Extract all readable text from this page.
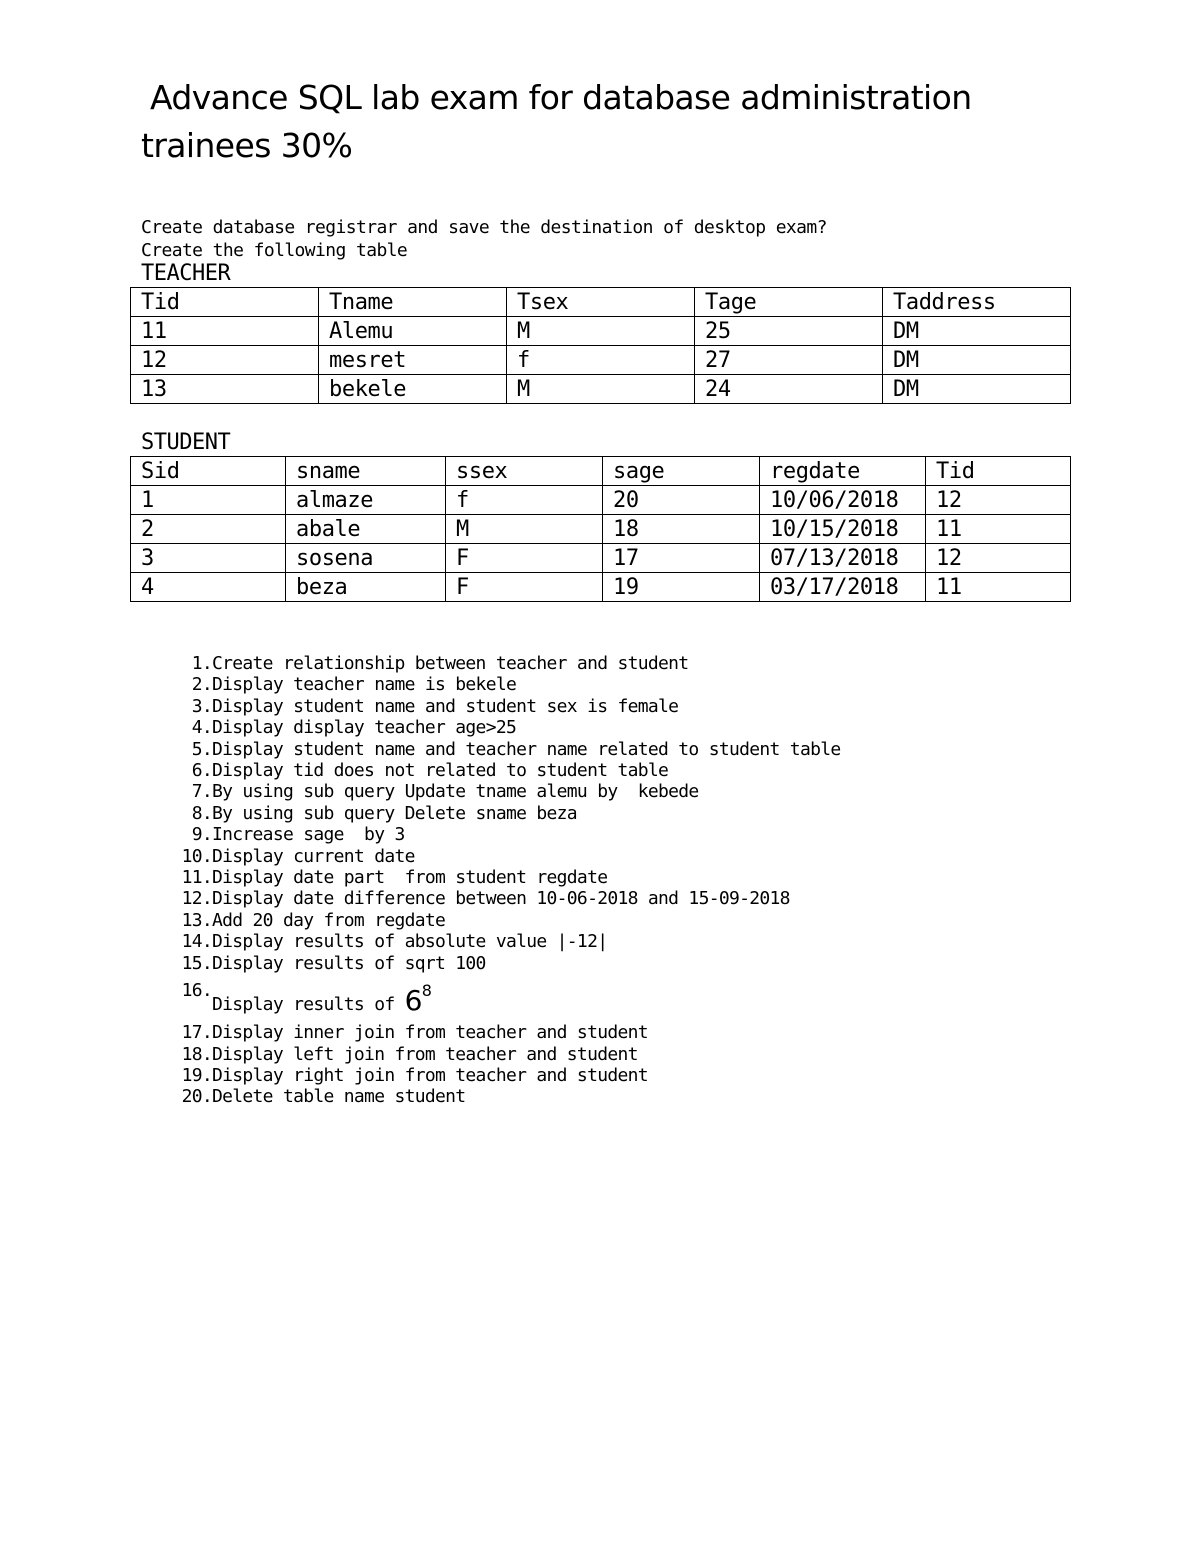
Advance SQL lab exam for database administration
trainees 30%
Create database registrar and save the destination of desktop exam?
Create the following table
TEACHER
Tid	Tname	Tsex	Tage	Taddress
11	Alemu	M	25	DM
12	mesret	f	27	DM
13	bekele	M	24	DM
STUDENT
Sid	sname	ssex	sage	regdate	Tid
1	almaze	f	20	10/06/2018	12
2	abale	M	18	10/15/2018	11
3	sosena	F	17	07/13/2018	12
4	beza	F	19	03/17/2018	11
1. Create relationship between teacher and student
2. Display teacher name is bekele
3. Display student name and student sex is female
4. Display display teacher age>25
5. Display student name and teacher name related to student table
6. Display tid does not related to student table
7. By using sub query Update tname alemu by  kebede
8. By using sub query Delete sname beza
9. Increase sage  by 3
10. Display current date
11. Display date part  from student regdate
12. Display date difference between 10-06-2018 and 15-09-2018
13. Add 20 day from regdate
14. Display results of absolute value |-12|
15. Display results of sqrt 100
16.
Display results of 68
17. Display inner join from teacher and student
18. Display left join from teacher and student
19. Display right join from teacher and student
20. Delete table name student
